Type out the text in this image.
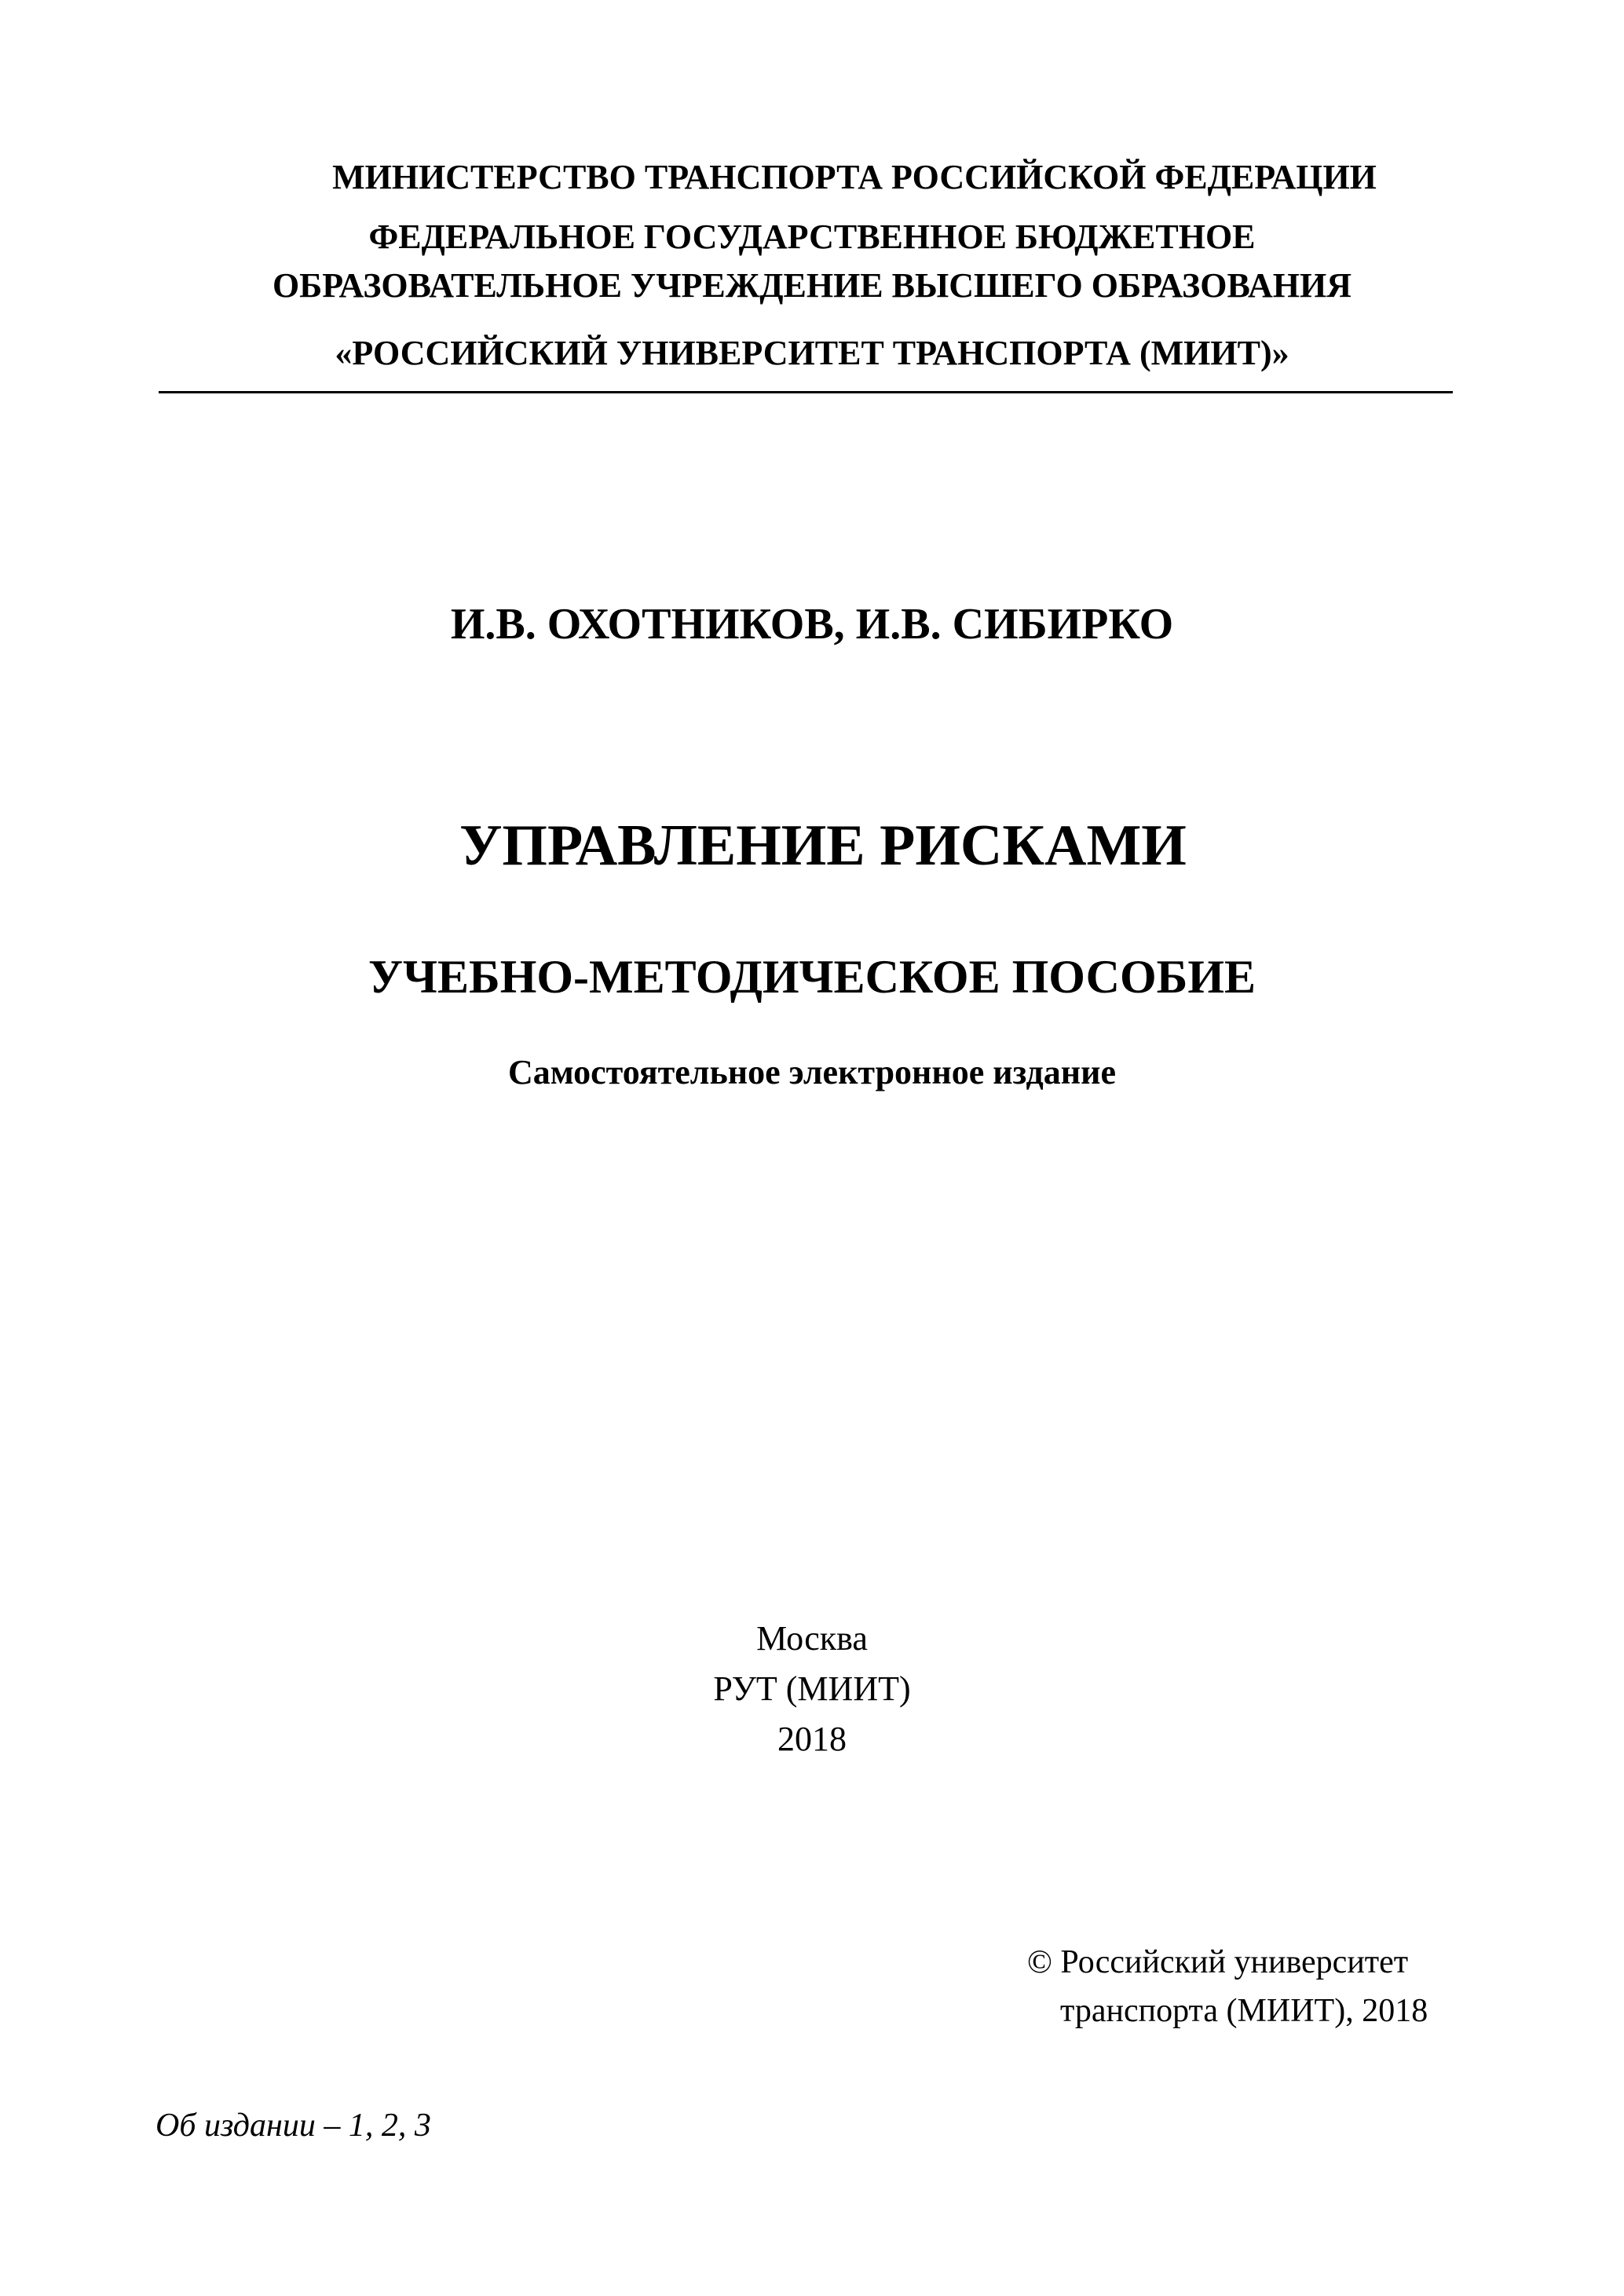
МИНИСТЕРСТВО ТРАНСПОРТА РОССИЙСКОЙ ФЕДЕРАЦИИ
ФЕДЕРАЛЬНОЕ ГОСУДАРСТВЕННОЕ БЮДЖЕТНОЕ
ОБРАЗОВАТЕЛЬНОЕ УЧРЕЖДЕНИЕ ВЫСШЕГО ОБРАЗОВАНИЯ
«РОССИЙСКИЙ УНИВЕРСИТЕТ ТРАНСПОРТА (МИИТ)»
И.В. ОХОТНИКОВ, И.В. СИБИРКО
УПРАВЛЕНИЕ РИСКАМИ
УЧЕБНО-МЕТОДИЧЕСКОЕ ПОСОБИЕ
Самостоятельное электронное издание
Москва
РУТ (МИИТ)
2018
© Российский университет
транспорта (МИИТ), 2018
Об издании – 1, 2, 3
